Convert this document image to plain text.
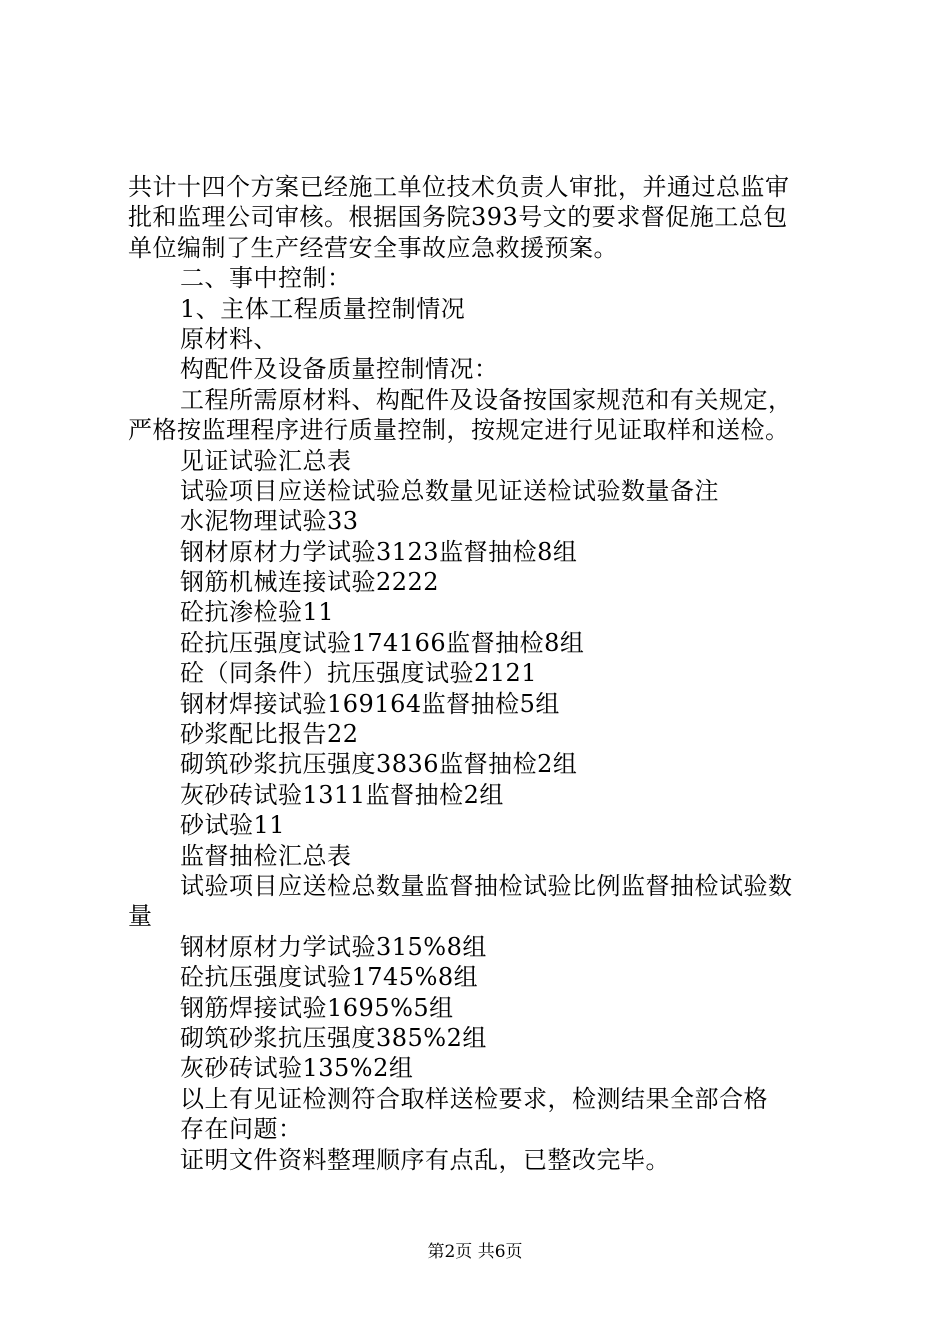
共计十四个方案已经施工单位技术负责人审批，并通过总监审
批和监理公司审核。根据国务院393号文的要求督促施工总包
单位编制了生产经营安全事故应急救援预案。
二、事中控制：
1、主体工程质量控制情况
原材料、
构配件及设备质量控制情况：
工程所需原材料、构配件及设备按国家规范和有关规定，
严格按监理程序进行质量控制，按规定进行见证取样和送检。
见证试验汇总表
试验项目应送检试验总数量见证送检试验数量备注
水泥物理试验33
钢材原材力学试验3123监督抽检8组
钢筋机械连接试验2222
砼抗渗检验11
砼抗压强度试验174166监督抽检8组
砼（同条件）抗压强度试验2121
钢材焊接试验169164监督抽检5组
砂浆配比报告22
砌筑砂浆抗压强度3836监督抽检2组
灰砂砖试验1311监督抽检2组
砂试验11
监督抽检汇总表
试验项目应送检总数量监督抽检试验比例监督抽检试验数
量
钢材原材力学试验315%8组
砼抗压强度试验1745%8组
钢筋焊接试验1695%5组
砌筑砂浆抗压强度385%2组
灰砂砖试验135%2组
以上有见证检测符合取样送检要求，检测结果全部合格
存在问题：
证明文件资料整理顺序有点乱，已整改完毕。
第2页 共6页
